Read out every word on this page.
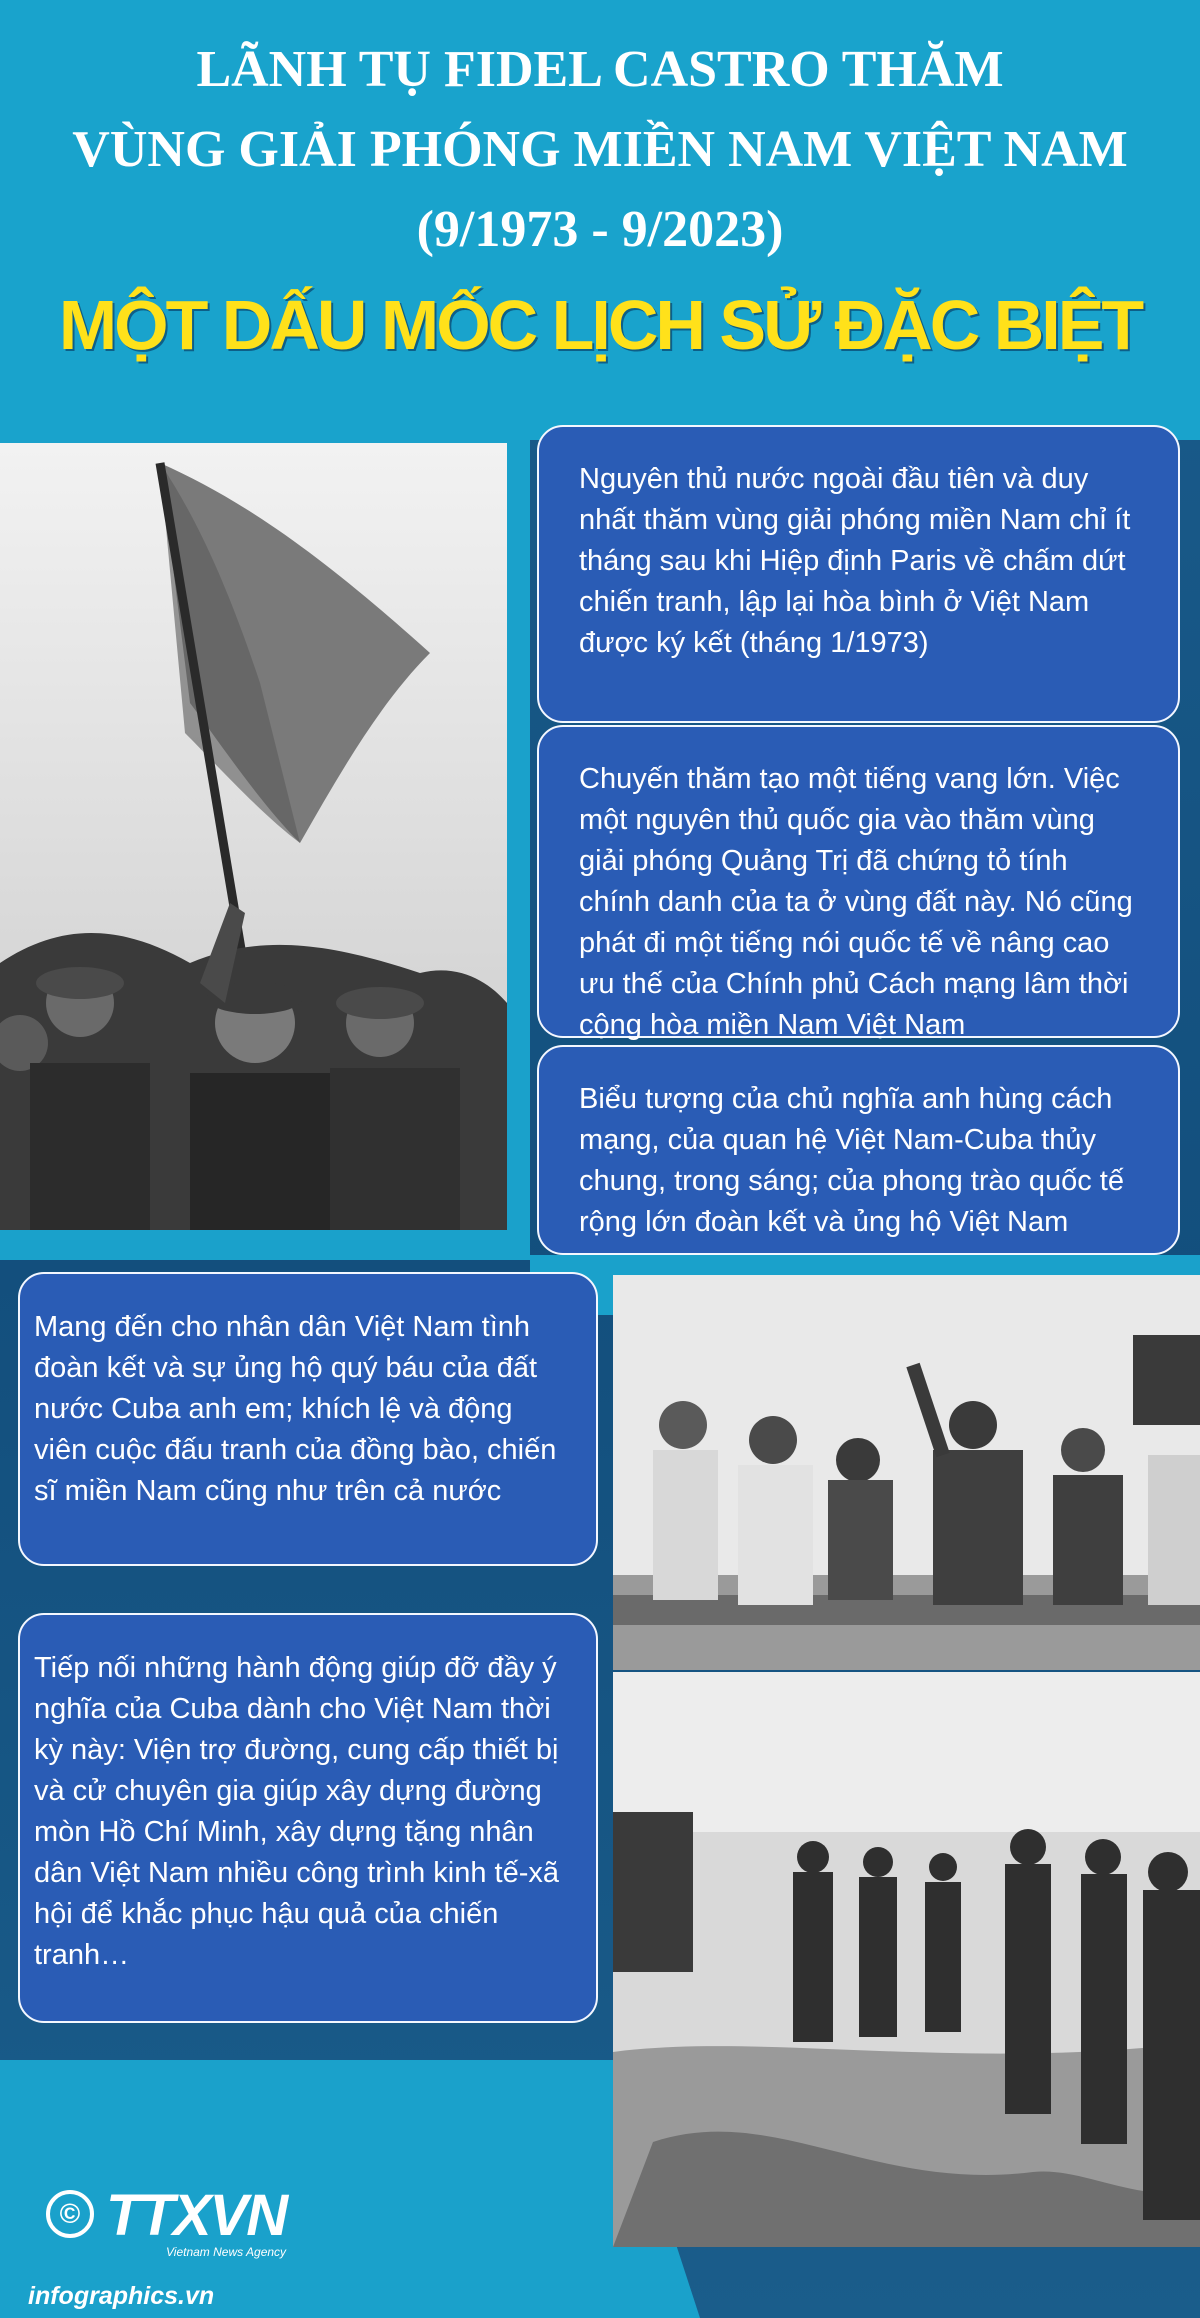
LÃNH TỤ FIDEL CASTRO THĂM
VÙNG GIẢI PHÓNG MIỀN NAM VIỆT NAM
(9/1973 - 9/2023)
MỘT DẤU MỐC LỊCH SỬ ĐẶC BIỆT
Nguyên thủ nước ngoài đầu tiên và duy nhất thăm vùng giải phóng miền Nam chỉ ít tháng sau khi Hiệp định Paris về chấm dứt chiến tranh, lập lại hòa bình ở Việt Nam được ký kết (tháng 1/1973)
Chuyến thăm tạo một tiếng vang lớn. Việc một nguyên thủ quốc gia vào thăm vùng giải phóng Quảng Trị đã chứng tỏ tính chính danh của ta ở vùng đất này. Nó cũng phát đi một tiếng nói quốc tế về nâng cao ưu thế của Chính phủ Cách mạng lâm thời cộng hòa miền Nam Việt Nam
Biểu tượng của chủ nghĩa anh hùng cách mạng, của quan hệ Việt Nam-Cuba thủy chung, trong sáng; của phong trào quốc tế rộng lớn đoàn kết và ủng hộ Việt Nam
Mang đến cho nhân dân Việt Nam tình đoàn kết và sự ủng hộ quý báu của đất nước Cuba anh em; khích lệ và động viên cuộc đấu tranh của đồng bào, chiến sĩ miền Nam cũng như trên cả nước
Tiếp nối những hành động giúp đỡ đầy ý nghĩa của Cuba dành cho Việt Nam thời kỳ này: Viện trợ đường, cung cấp thiết bị và cử chuyên gia giúp xây dựng đường mòn Hồ Chí Minh, xây dựng tặng nhân dân Việt Nam nhiều công trình kinh tế-xã hội để khắc phục hậu quả của chiến tranh…
© TTXVN
Vietnam News Agency
infographics.vn
